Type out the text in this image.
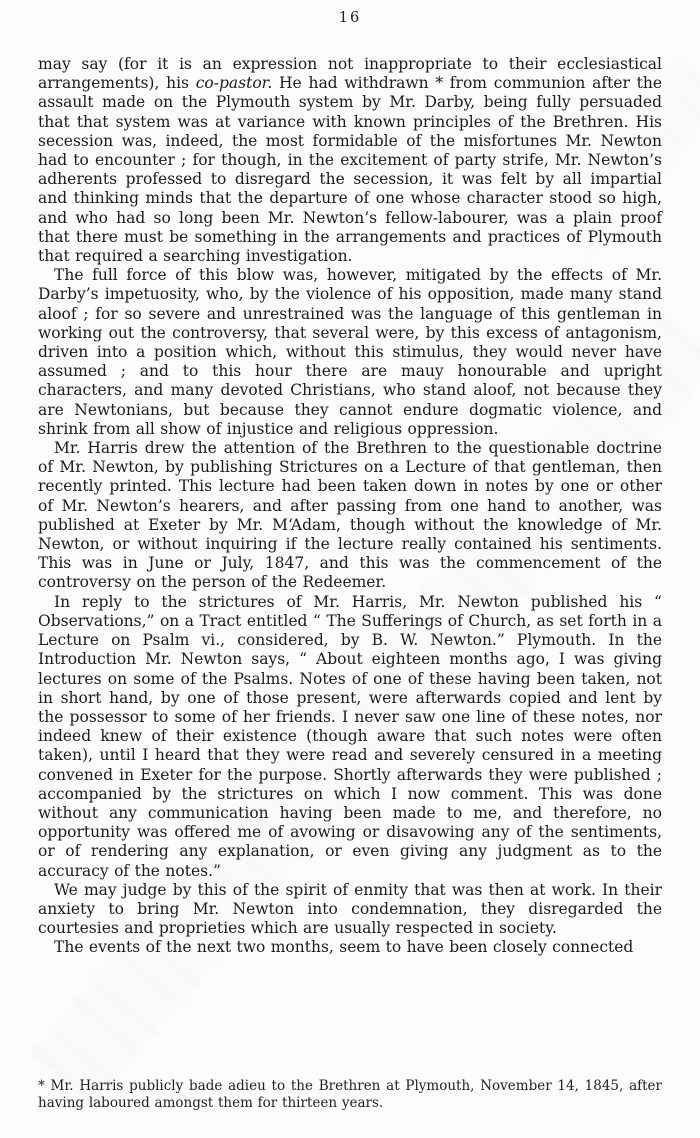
16

may say (for it is an expression not inappropriate to their ecclesiastical arrangements), his co-pastor. He had withdrawn * from communion after the assault made on the Plymouth system by Mr. Darby, being fully persuaded that that system was at variance with known principles of the Brethren. His secession was, indeed, the most formidable of the misfortunes Mr. Newton had to encounter ; for though, in the excitement of party strife, Mr. Newton’s adherents professed to disregard the secession, it was felt by all impartial and thinking minds that the departure of one whose character stood so high, and who had so long been Mr. Newton’s fellow-labourer, was a plain proof that there must be something in the arrangements and practices of Plymouth that required a searching investigation.

The full force of this blow was, however, mitigated by the effects of Mr. Darby’s impetuosity, who, by the violence of his opposition, made many stand aloof ; for so severe and unrestrained was the language of this gentleman in working out the controversy, that several were, by this excess of antagonism, driven into a position which, without this stimulus, they would never have assumed ; and to this hour there are mauy honourable and upright characters, and many devoted Christians, who stand aloof, not because they are Newtonians, but because they cannot endure dogmatic violence, and shrink from all show of injustice and religious oppression.

Mr. Harris drew the attention of the Brethren to the questionable doctrine of Mr. Newton, by publishing Strictures on a Lecture of that gentleman, then recently printed. This lecture had been taken down in notes by one or other of Mr. Newton’s hearers, and after passing from one hand to another, was published at Exeter by Mr. M‘Adam, though without the knowledge of Mr. Newton, or without inquiring if the lecture really contained his sentiments. This was in June or July, 1847, and this was the commencement of the controversy on the person of the Redeemer.

In reply to the strictures of Mr. Harris, Mr. Newton published his “ Observations,” on a Tract entitled “ The Sufferings of Church, as set forth in a Lecture on Psalm vi., considered, by B. W. Newton.” Plymouth. In the Introduction Mr. Newton says, “ About eighteen months ago, I was giving lectures on some of the Psalms. Notes of one of these having been taken, not in short hand, by one of those present, were afterwards copied and lent by the possessor to some of her friends. I never saw one line of these notes, nor indeed knew of their existence (though aware that such notes were often taken), until I heard that they were read and severely censured in a meeting convened in Exeter for the purpose. Shortly afterwards they were published ; accompanied by the strictures on which I now comment. This was done without any communication having been made to me, and therefore, no opportunity was offered me of avowing or disavowing any of the sentiments, or of rendering any explanation, or even giving any judgment as to the accuracy of the notes.”

We may judge by this of the spirit of enmity that was then at work. In their anxiety to bring Mr. Newton into condemnation, they disregarded the courtesies and proprieties which are usually respected in society.

The events of the next two months, seem to have been closely connected

* Mr. Harris publicly bade adieu to the Brethren at Plymouth, November 14, 1845, after having laboured amongst them for thirteen years.
